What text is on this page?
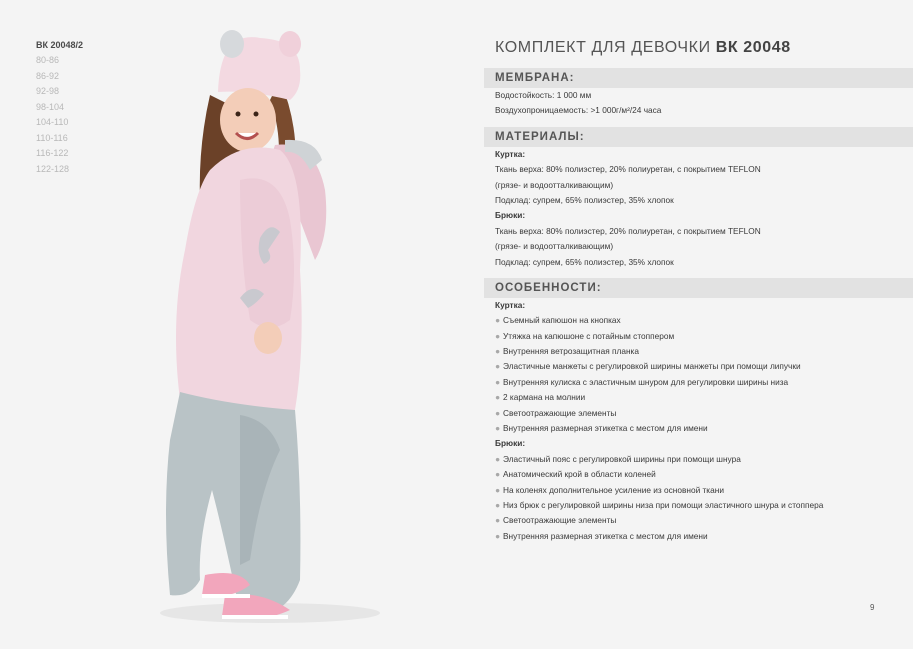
ВК 20048/2
80-86
86-92
92-98
98-104
104-110
110-116
116-122
122-128
КОМПЛЕКТ ДЛЯ ДЕВОЧКИ ВК 20048
МЕМБРАНА:
Водостойкость: 1 000 мм
Воздухопроницаемость: >1 000г/м²/24 часа
МАТЕРИАЛЫ:
Куртка:
Ткань верха: 80% полиэстер, 20% полиуретан, с покрытием TEFLON
(грязе- и водоотталкивающим)
Подклад: супрем, 65% полиэстер, 35% хлопок
Брюки:
Ткань верха: 80% полиэстер, 20% полиуретан, с покрытием TEFLON
(грязе- и водоотталкивающим)
Подклад: супрем, 65% полиэстер, 35% хлопок
ОСОБЕННОСТИ:
Куртка:
● Съемный капюшон на кнопках
● Утяжка на капюшоне с потайным стоппером
● Внутренняя ветрозащитная планка
● Эластичные манжеты с регулировкой ширины манжеты при помощи липучки
● Внутренняя кулиска с эластичным шнуром для регулировки ширины низа
● 2 кармана на молнии
● Светоотражающие элементы
● Внутренняя размерная этикетка с местом для имени
Брюки:
● Эластичный пояс с регулировкой ширины при помощи шнура
● Анатомический крой в области коленей
● На коленях дополнительное усиление из основной ткани
● Низ брюк с регулировкой ширины низа при помощи эластичного шнура и стоппера
● Светоотражающие элементы
● Внутренняя размерная этикетка с местом для имени
9
